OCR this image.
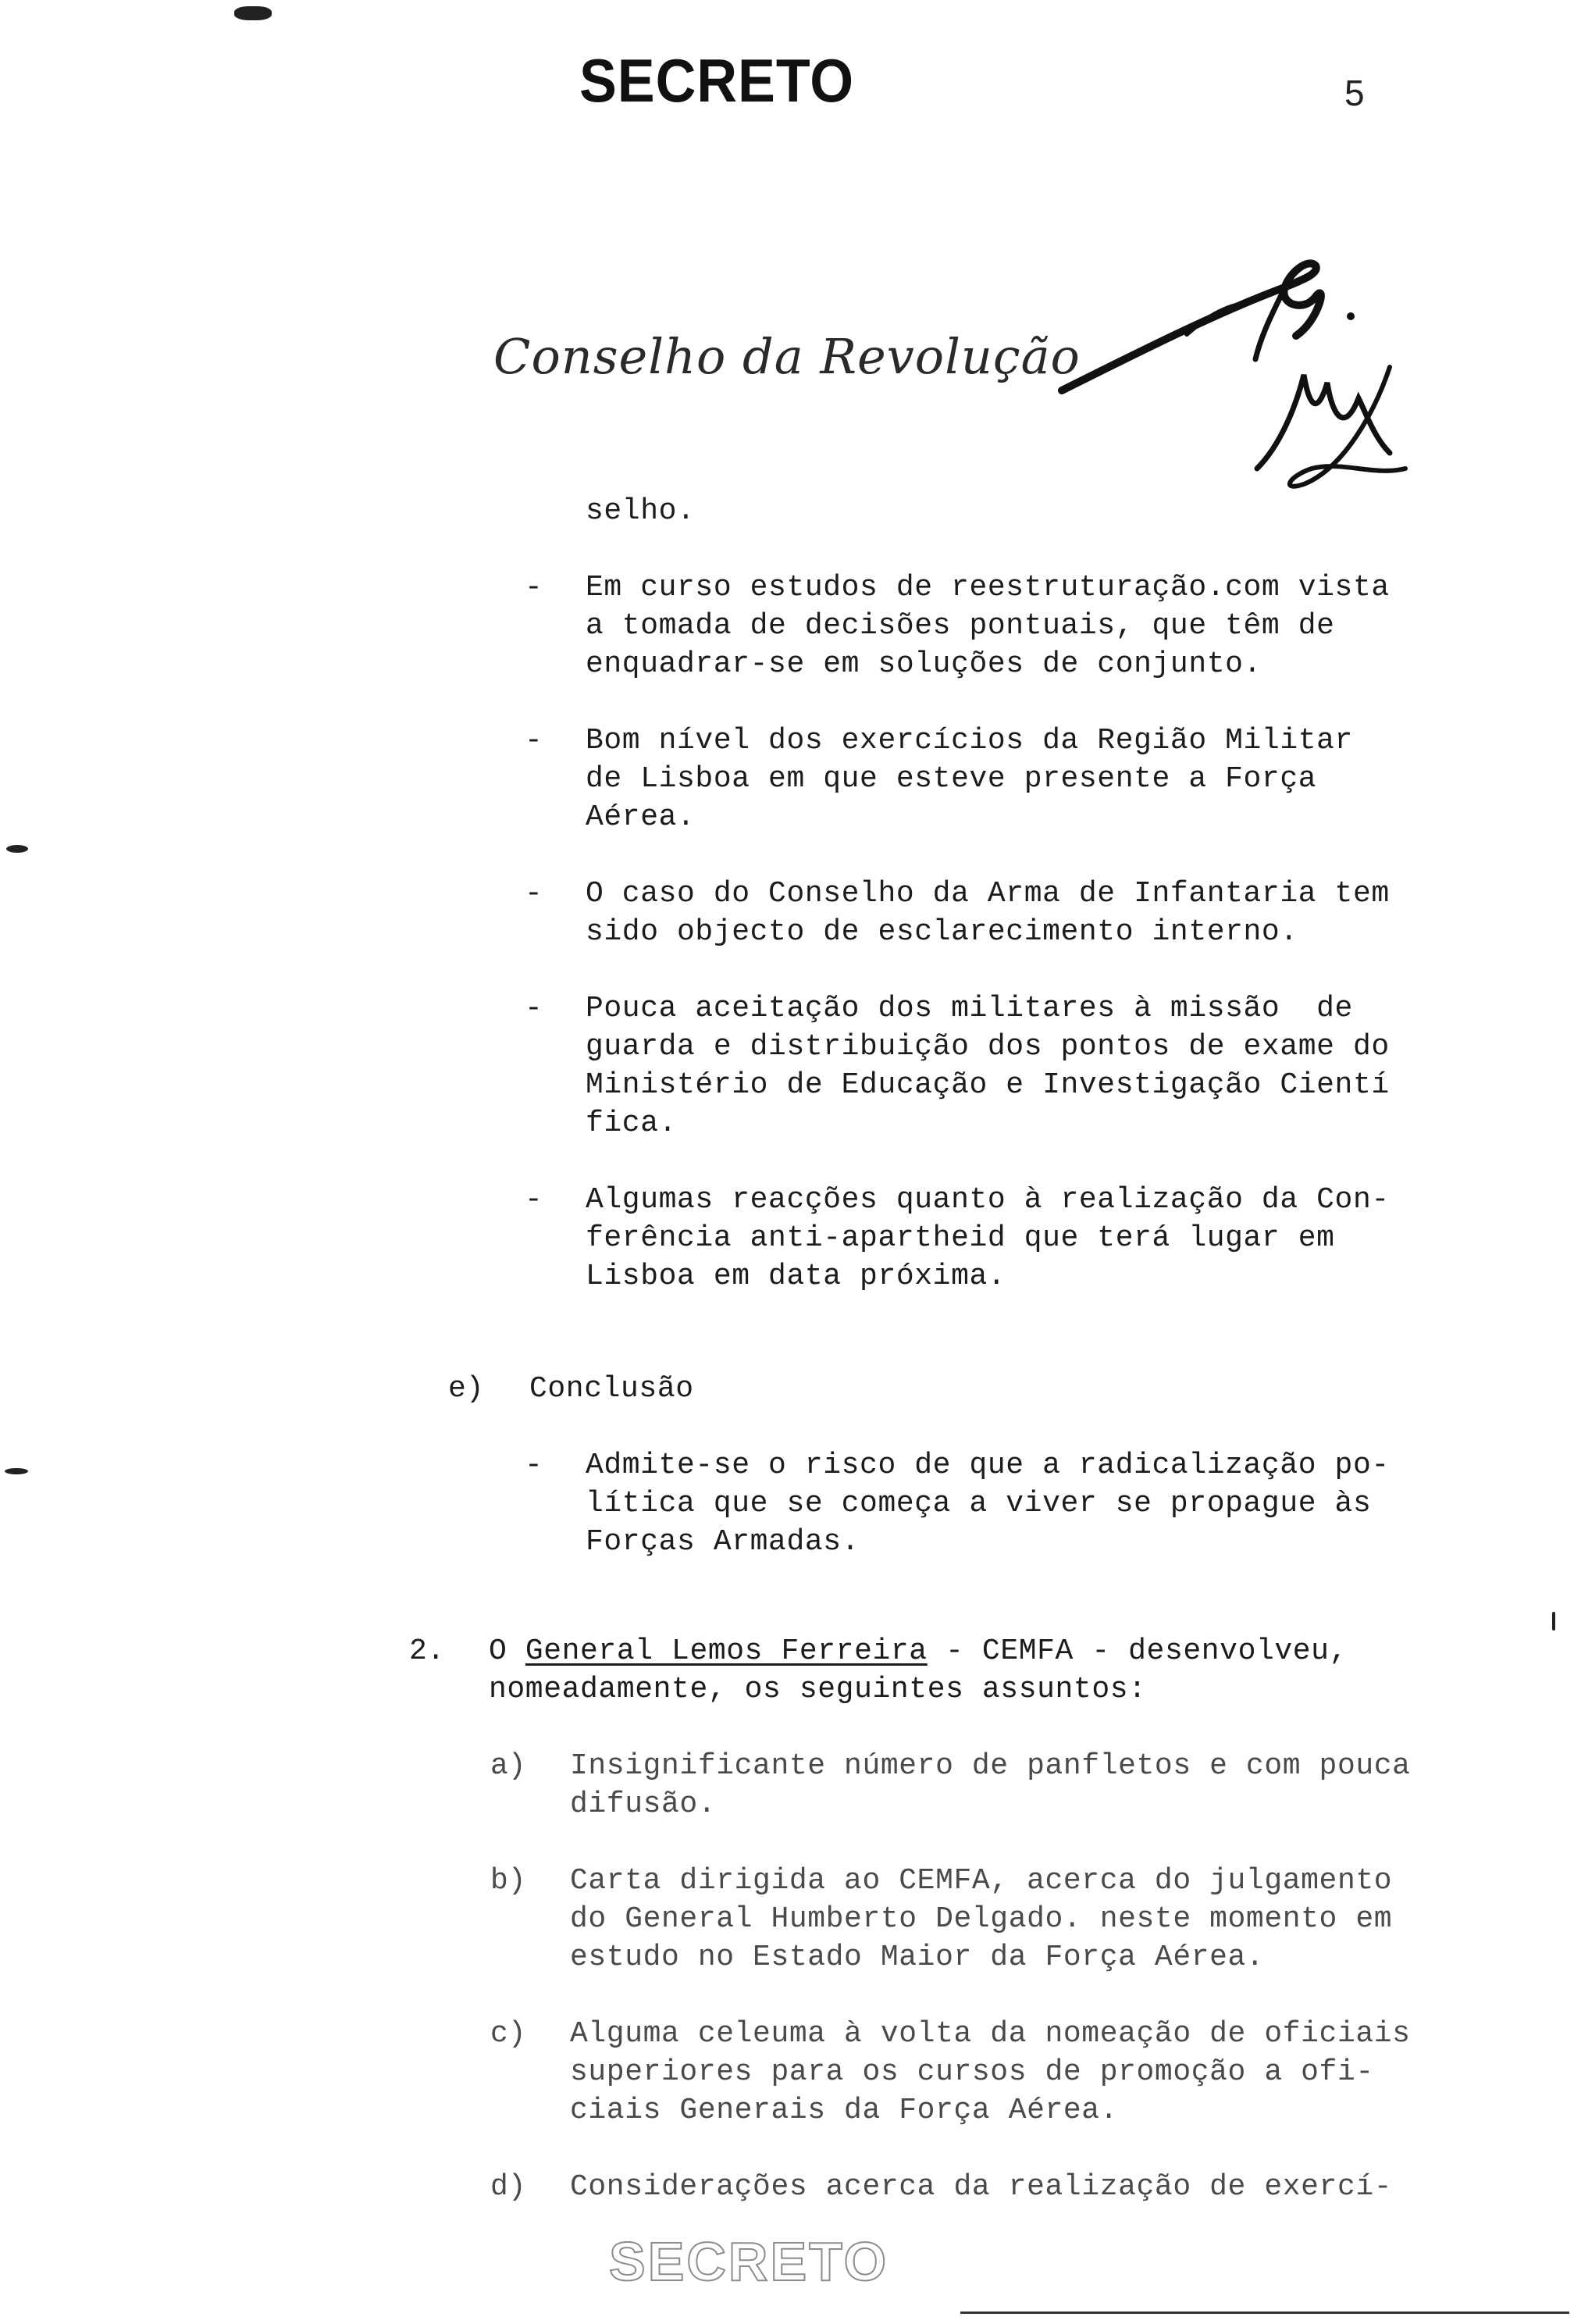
SECRETO	5
Conselho da Revolução
selho.
- Em curso estudos de reestruturação.com vista
a tomada de decisões pontuais, que têm de
enquadrar-se em soluções de conjunto.
- Bom nível dos exercícios da Região Militar
de Lisboa em que esteve presente a Força
Aérea.
- O caso do Conselho da Arma de Infantaria tem
sido objecto de esclarecimento interno.
- Pouca aceitação dos militares à missão  de
guarda e distribuição dos pontos de exame do
Ministério de Educação e Investigação Cientí
fica.
- Algumas reacções quanto à realização da Con-
ferência anti-apartheid que terá lugar em
Lisboa em data próxima.
e) Conclusão
- Admite-se o risco de que a radicalização po-
lítica que se começa a viver se propague às
Forças Armadas.
2. O General Lemos Ferreira - CEMFA - desenvolveu,
nomeadamente, os seguintes assuntos:
a) Insignificante número de panfletos e com pouca
difusão.
b) Carta dirigida ao CEMFA, acerca do julgamento
do General Humberto Delgado. neste momento em
estudo no Estado Maior da Força Aérea.
c) Alguma celeuma à volta da nomeação de oficiais
superiores para os cursos de promoção a ofi-
ciais Generais da Força Aérea.
d) Considerações acerca da realização de exercí-
SECRETO
